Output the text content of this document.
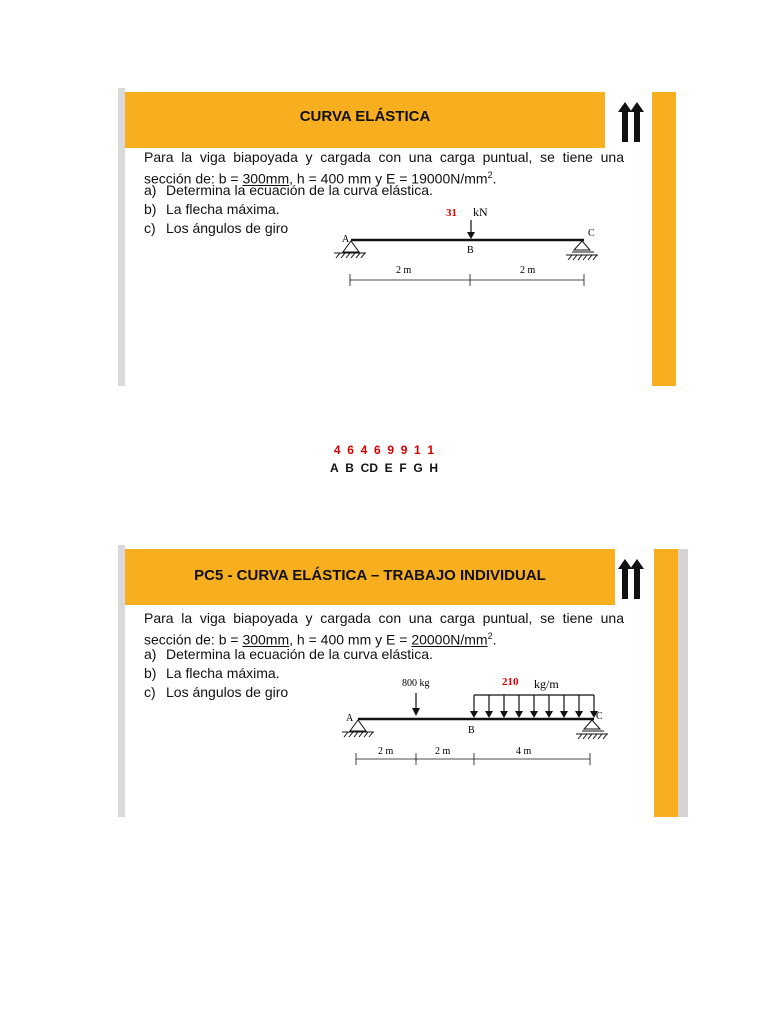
CURVA ELÁSTICA

Para la viga biapoyada y cargada con una carga puntual, se tiene una

sección de: b = 300mm, h = 400 mm y $E = 19000N/mm^2$.

a) Determina la ecuación de la curva elástica.
b) La flecha máxima.
c) Los ángulos de giro
31 kN
A
B
C
2 m	2 m
4 6 4 6 9 9 1 1
A B CD E F G H
PC5 - CURVA ELÁSTICA – TRABAJO INDIVIDUAL

Para la viga biapoyada y cargada con una carga puntual, se tiene una

sección de: b = 300mm, h = 400 mm y $E = 20000N/mm^2$.

a) Determina la ecuación de la curva elástica.
b) La flecha máxima.
c) Los ángulos de giro
800 kg	210 kg/m
A
B
C
2 m	2 m	4 m
